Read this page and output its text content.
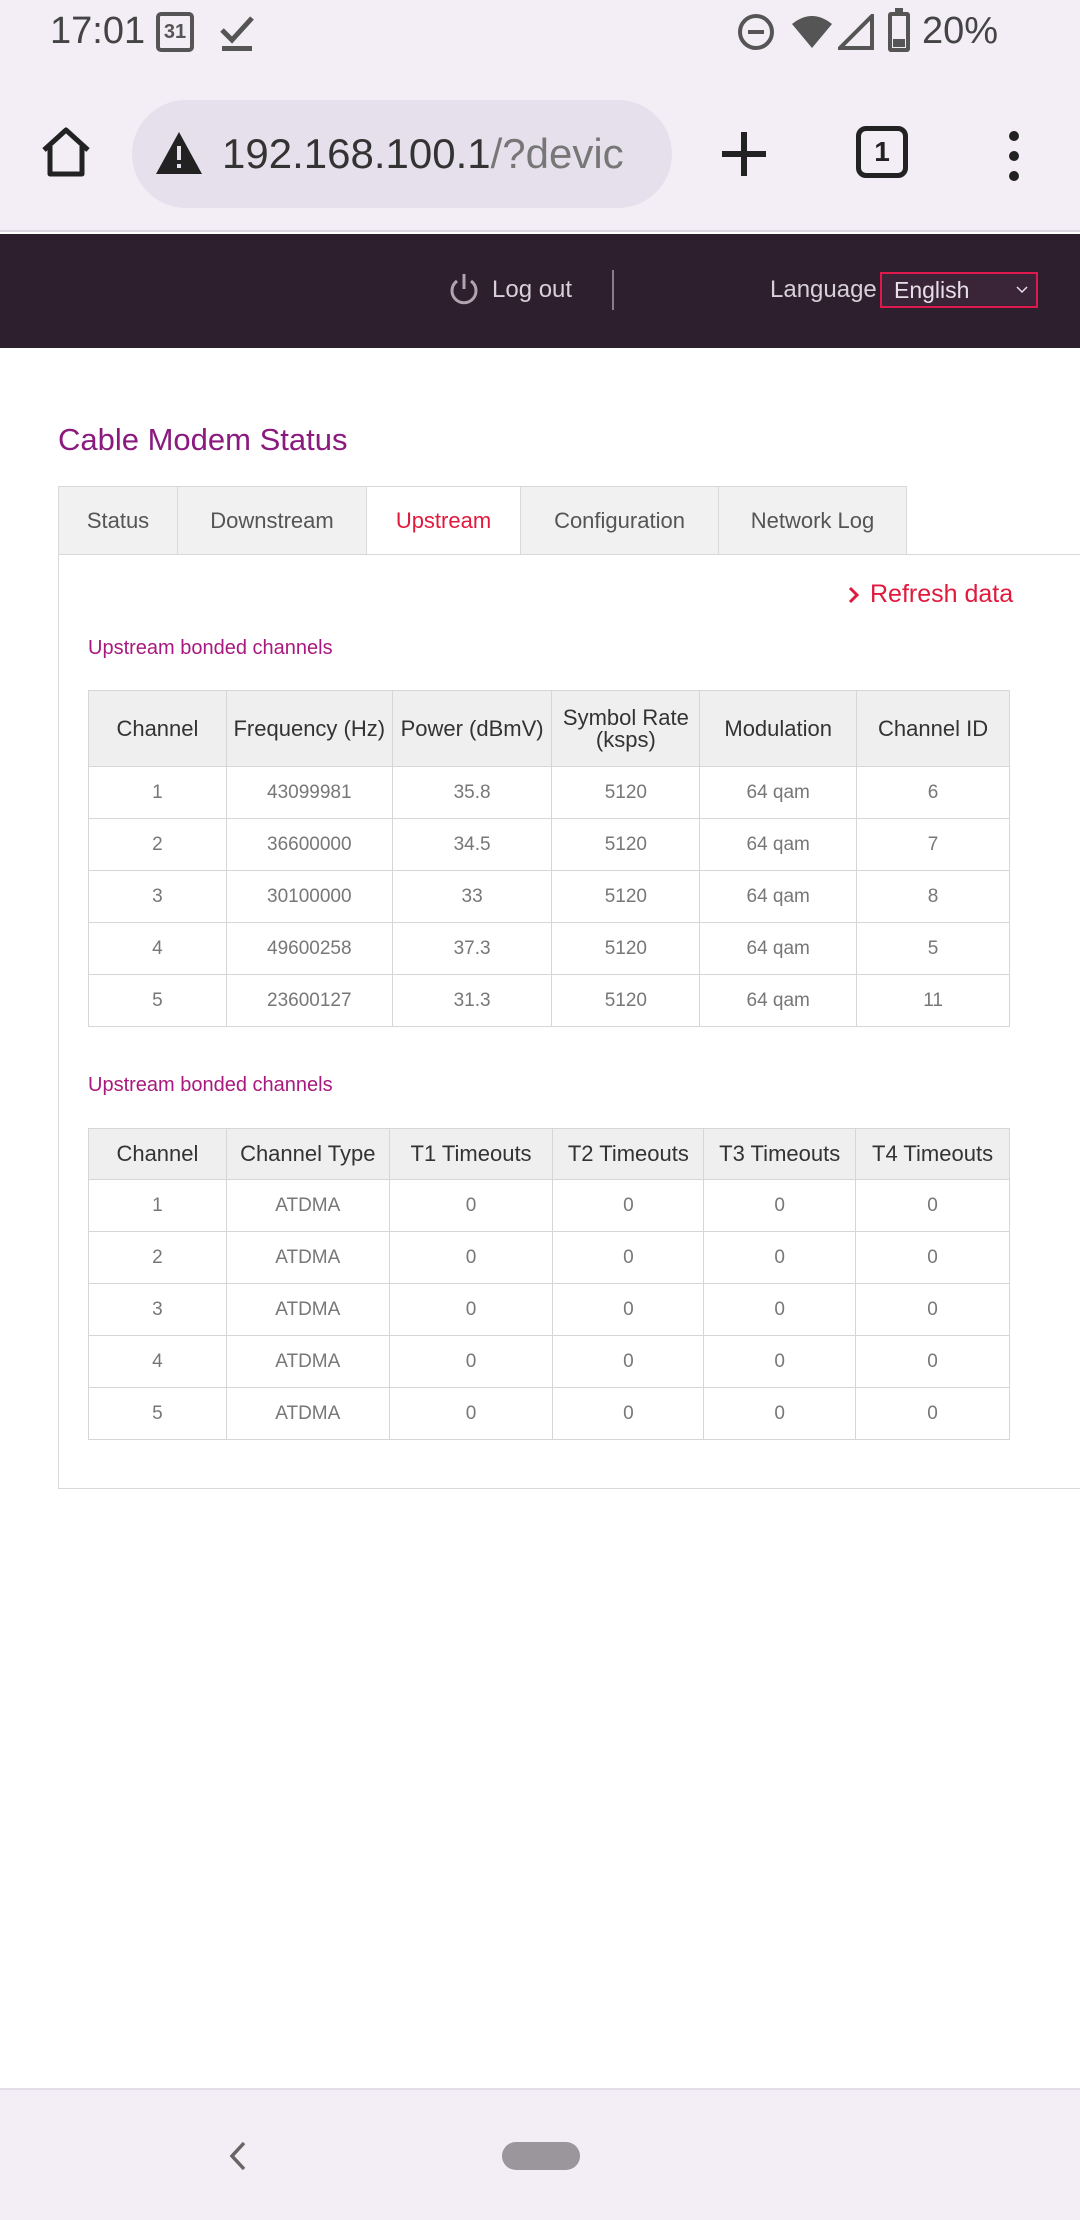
17:01 31	20%
192.168.100.1/?devic	1
Log out	Language English
Cable Modem Status
Status	Downstream	Upstream	Configuration	Network Log
Refresh data
Upstream bonded channels
Channel	Frequency (Hz)	Power (dBmV)	Symbol Rate (ksps)	Modulation	Channel ID
1	43099981	35.8	5120	64 qam	6
2	36600000	34.5	5120	64 qam	7
3	30100000	33	5120	64 qam	8
4	49600258	37.3	5120	64 qam	5
5	23600127	31.3	5120	64 qam	11
Upstream bonded channels
Channel	Channel Type	T1 Timeouts	T2 Timeouts	T3 Timeouts	T4 Timeouts
1	ATDMA	0	0	0	0
2	ATDMA	0	0	0	0
3	ATDMA	0	0	0	0
4	ATDMA	0	0	0	0
5	ATDMA	0	0	0	0
